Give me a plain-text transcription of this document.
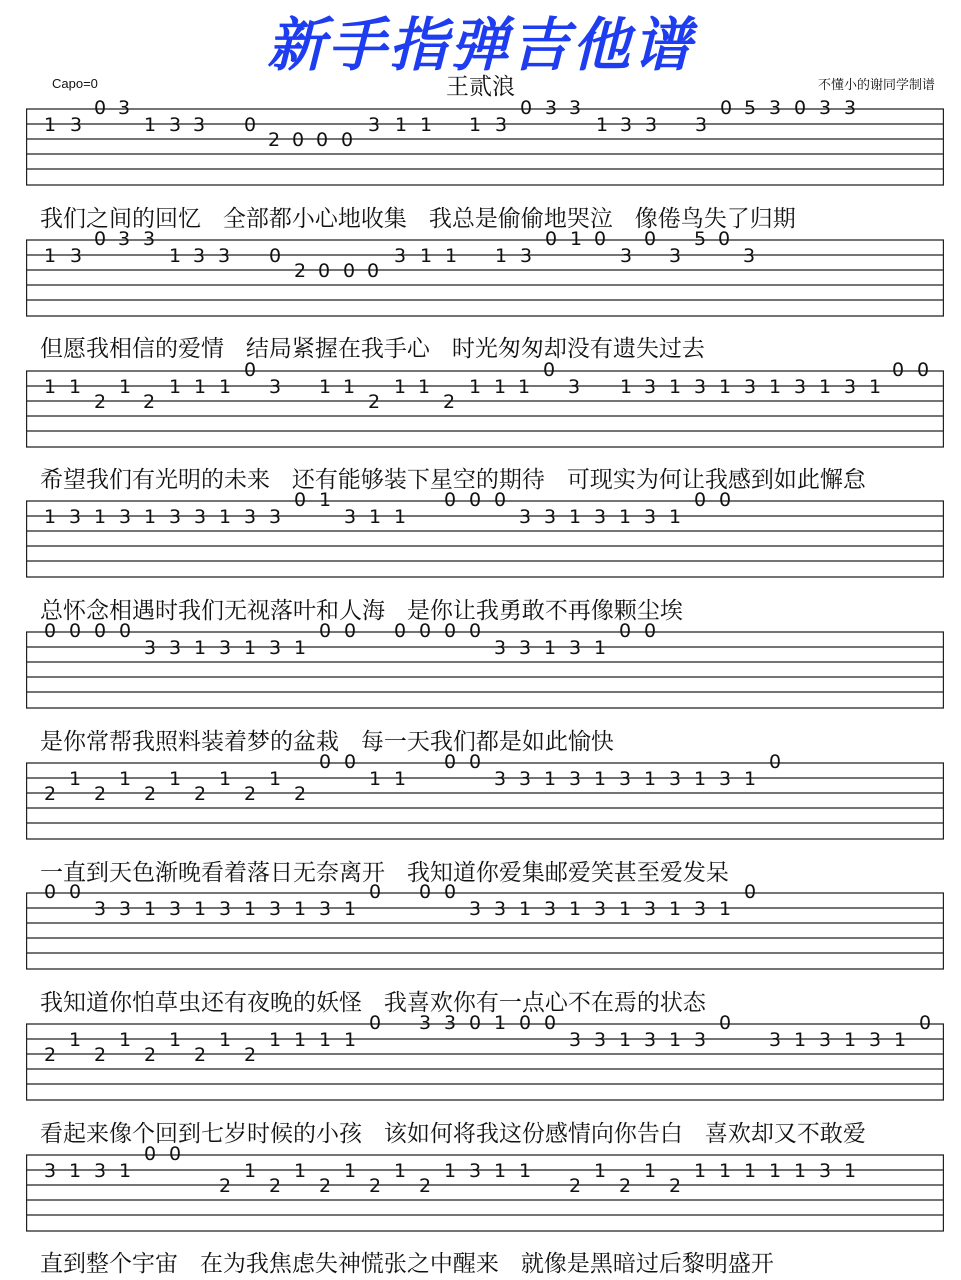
新手指弹吉他谱
Capo=0	王贰浪	不懂小的谢同学制谱
1 3
0 3
1 3 3 0
2 0 0 0
3 1 1 1 3
0 3 3
1 3 3 3
0 5 3 0 3 3
我们之间的回忆   全部都小心地收集   我总是偷偷地哭泣   像倦鸟失了归期
1 3
0 3 3
1 3 3 0
2 0 0 0
3 1 1 1 3
0 1 0
3
0
3
5 0
3
但愿我相信的爱情   结局紧握在我手心   时光匆匆却没有遗失过去
1 1
2
1
2
1 1 1
0
3 1 1
2
1 1
2
1 1 1
0
3 1 3 1 3 1 3 1 3 1 3 1
0 0
希望我们有光明的未来   还有能够装下星空的期待   可现实为何让我感到如此懈怠
1 3 1 3 1 3 3 1 3 3
0 1
3 1 1
0 0 0
3 3 1 3 1 3 1
0 0
总怀念相遇时我们无视落叶和人海   是你让我勇敢不再像颗尘埃
0 0 0 0
3 3 1 3 1 3 1
0 0 0 0 0 0
3 3 1 3 1
0 0
是你常帮我照料装着梦的盆栽   每一天我们都是如此愉快
2
1
2
1
2
1
2
1
2
1
2
0 0
1 1
0 0
3 3 1 3 1 3 1 3 1 3 1
0
一直到天色渐晚看着落日无奈离开   我知道你爱集邮爱笑甚至爱发呆
0 0
3 3 1 3 1 3 1 3 1 3 1
0 0 0
3 3 1 3 1 3 1 3 1 3 1
0
我知道你怕草虫还有夜晚的妖怪   我喜欢你有一点心不在焉的状态
2
1
2
1
2
1
2
1
2
1 1 1 1
0 3 3 0 1 0 0
3 3 1 3 1 3
0
3 1 3 1 3 1
0
看起来像个回到七岁时候的小孩   该如何将我这份感情向你告白   喜欢却又不敢爱
3 1 3 1
0 0
2
1
2
1
2
1
2
1
2
1 3 1 1
2
1
2
1
2
1 1 1 1 1 3 1
直到整个宇宙   在为我焦虑失神慌张之中醒来   就像是黑暗过后黎明盛开
